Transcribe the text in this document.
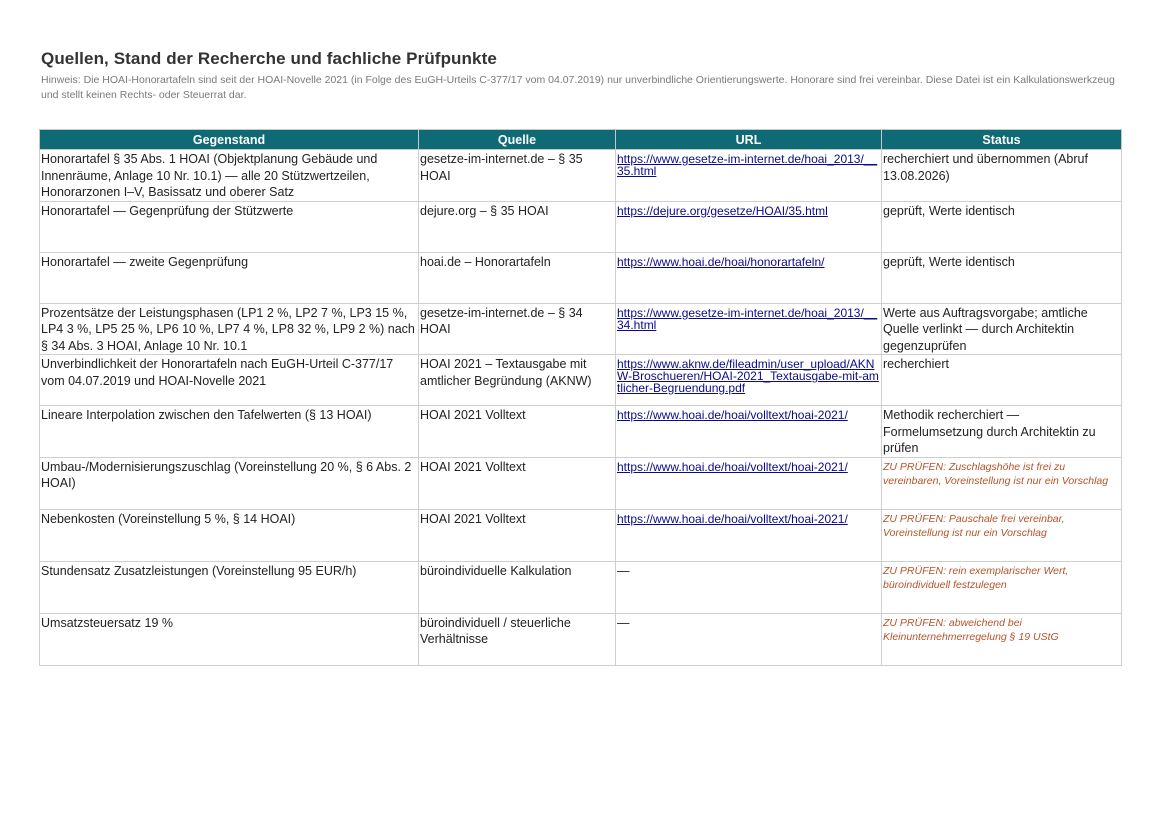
Quellen, Stand der Recherche und fachliche Prüfpunkte
Hinweis: Die HOAI-Honorartafeln sind seit der HOAI-Novelle 2021 (in Folge des EuGH-Urteils C-377/17 vom 04.07.2019) nur unverbindliche Orientierungswerte. Honorare sind frei vereinbar. Diese Datei ist ein Kalkulationswerkzeug und stellt keinen Rechts- oder Steuerrat dar.
Gegenstand	Quelle	URL	Status
Honorartafel § 35 Abs. 1 HOAI (Objektplanung Gebäude und Innenräume, Anlage 10 Nr. 10.1) — alle 20 Stützwertzeilen, Honorarzonen I–V, Basissatz und oberer Satz	gesetze-im-internet.de – § 35 HOAI	https://www.gesetze-im-internet.de/hoai_2013/__35.html	recherchiert und übernommen (Abruf 13.08.2026)
Honorartafel — Gegenprüfung der Stützwerte	dejure.org – § 35 HOAI	https://dejure.org/gesetze/HOAI/35.html	geprüft, Werte identisch
Honorartafel — zweite Gegenprüfung	hoai.de – Honorartafeln	https://www.hoai.de/hoai/honorartafeln/	geprüft, Werte identisch
Prozentsätze der Leistungsphasen (LP1 2 %, LP2 7 %, LP3 15 %, LP4 3 %, LP5 25 %, LP6 10 %, LP7 4 %, LP8 32 %, LP9 2 %) nach § 34 Abs. 3 HOAI, Anlage 10 Nr. 10.1	gesetze-im-internet.de – § 34 HOAI	https://www.gesetze-im-internet.de/hoai_2013/__34.html	Werte aus Auftragsvorgabe; amtliche Quelle verlinkt — durch Architektin gegenzuprüfen
Unverbindlichkeit der Honorartafeln nach EuGH-Urteil C-377/17 vom 04.07.2019 und HOAI-Novelle 2021	HOAI 2021 – Textausgabe mit amtlicher Begründung (AKNW)	https://www.aknw.de/fileadmin/user_upload/AKNW-Broschueren/HOAI-2021_Textausgabe-mit-amtlicher-Begruendung.pdf	recherchiert
Lineare Interpolation zwischen den Tafelwerten (§ 13 HOAI)	HOAI 2021 Volltext	https://www.hoai.de/hoai/volltext/hoai-2021/	Methodik recherchiert — Formelumsetzung durch Architektin zu prüfen
Umbau-/Modernisierungszuschlag (Voreinstellung 20 %, § 6 Abs. 2 HOAI)	HOAI 2021 Volltext	https://www.hoai.de/hoai/volltext/hoai-2021/	ZU PRÜFEN: Zuschlagshöhe ist frei zu vereinbaren, Voreinstellung ist nur ein Vorschlag
Nebenkosten (Voreinstellung 5 %, § 14 HOAI)	HOAI 2021 Volltext	https://www.hoai.de/hoai/volltext/hoai-2021/	ZU PRÜFEN: Pauschale frei vereinbar, Voreinstellung ist nur ein Vorschlag
Stundensatz Zusatzleistungen (Voreinstellung 95 EUR/h)	büroindividuelle Kalkulation	—	ZU PRÜFEN: rein exemplarischer Wert, büroindividuell festzulegen
Umsatzsteuersatz 19 %	büroindividuell / steuerliche Verhältnisse	—	ZU PRÜFEN: abweichend bei Kleinunternehmerregelung § 19 UStG
